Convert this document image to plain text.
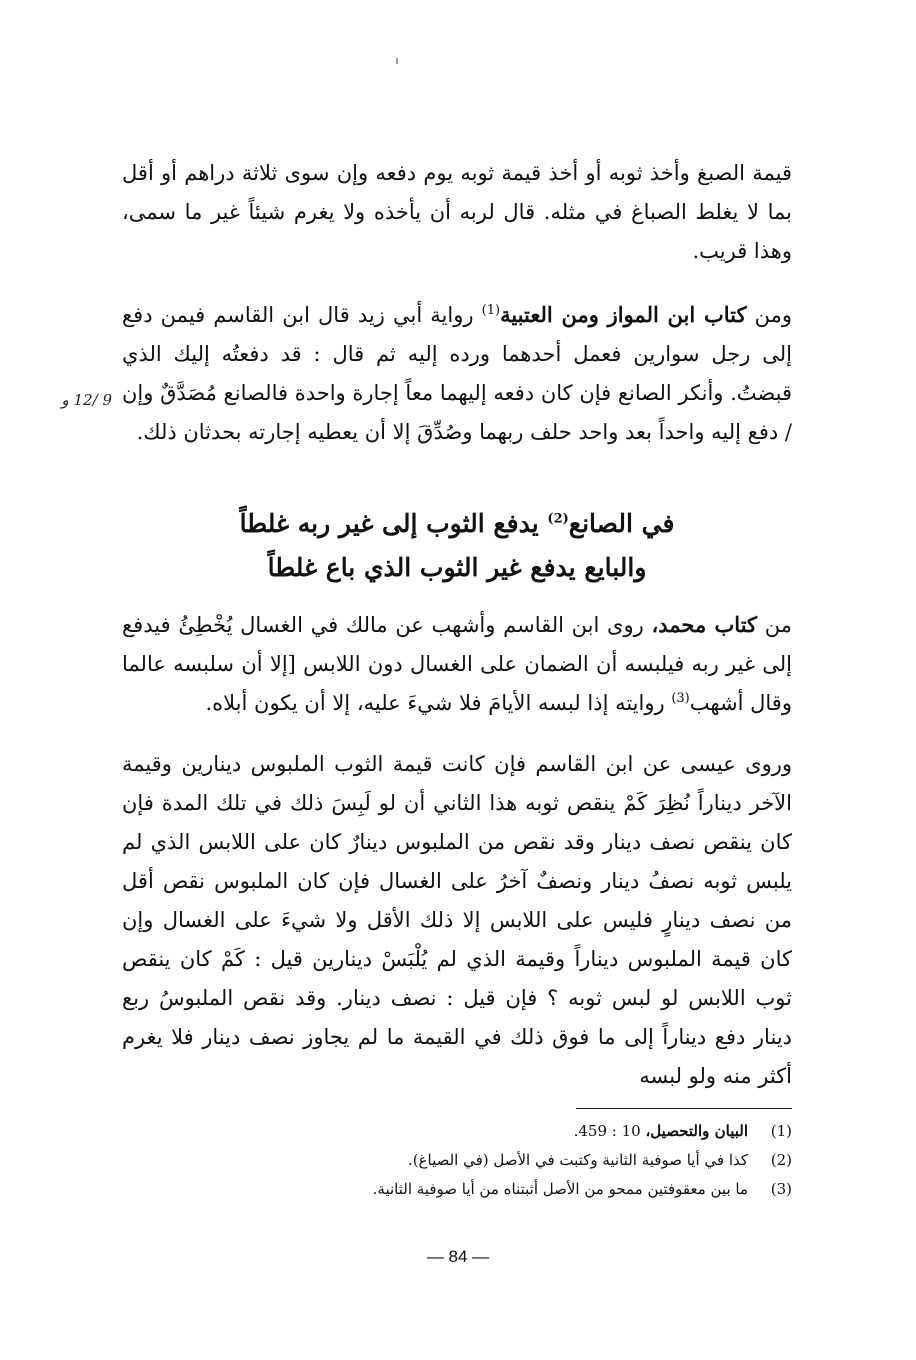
قيمة الصبغ وأخذ ثوبه أو أخذ قيمة ثوبه يوم دفعه وإن سوى ثلاثة دراهم أو أقل بما لا يغلط الصباغ في مثله. قال لربه أن يأخذه ولا يغرم شيئاً غير ما سمى، وهذا قريب.

ومن كتاب ابن المواز ومن العتبية$^{(1)}$ رواية أبي زيد قال ابن القاسم فيمن دفع إلى رجل سوارين فعمل أحدهما ورده إليه ثم قال : قد دفعتُه إليك الذي قبضتُ. وأنكر الصانع فإن كان دفعه إليهما معاً إجارة واحدة فالصانع مُصَدَّقٌ وإن / دفع إليه واحداً بعد واحد حلف ربهما وصُدِّقَ إلا أن يعطيه إجارته بحدثان ذلك.

9 /12 و
في الصانع$^{(2)}$ يدفع الثوب إلى غير ربه غلطاً
والبايع يدفع غير الثوب الذي باع غلطاً

من كتاب محمد، روى ابن القاسم وأشهب عن مالك في الغسال يُخْطِئُ فيدفع إلى غير ربه فيلبسه أن الضمان على الغسال دون اللابس [إلا أن سلبسه عالما وقال أشهب$^{(3)}$ روايته إذا لبسه الأيامَ فلا شيءَ عليه، إلا أن يكون أبلاه.

وروى عيسى عن ابن القاسم فإن كانت قيمة الثوب الملبوس دينارين وقيمة الآخر ديناراً نُظِرَ كَمْ ينقص ثوبه هذا الثاني أن لو لَبِسَ ذلك في تلك المدة فإن كان ينقص نصف دينار وقد نقص من الملبوس دينارٌ كان على اللابس الذي لم يلبس ثوبه نصفُ دينار ونصفٌ آخرُ على الغسال فإن كان الملبوس نقص أقل من نصف دينارٍ فليس على اللابس إلا ذلك الأقل ولا شيءَ على الغسال وإن كان قيمة الملبوس ديناراً وقيمة الذي لم يُلْبَسْ دينارين قيل : كَمْ كان ينقص ثوب اللابس لو لبس ثوبه ؟ فإن قيل : نصف دينار. وقد نقص الملبوسُ ربع دينار دفع ديناراً إلى ما فوق ذلك في القيمة ما لم يجاوز نصف دينار فلا يغرم أكثر منه ولو لبسه

(1)
البيان والتحصيل، 10 : 459.
(2)
كذا في أيا صوفية الثانية وكتبت في الأصل (في الصياغ).
(3)
ما بين معقوفتين ممحو من الأصل أثبتناه من أيا صوفية الثانية.
— 84 —
